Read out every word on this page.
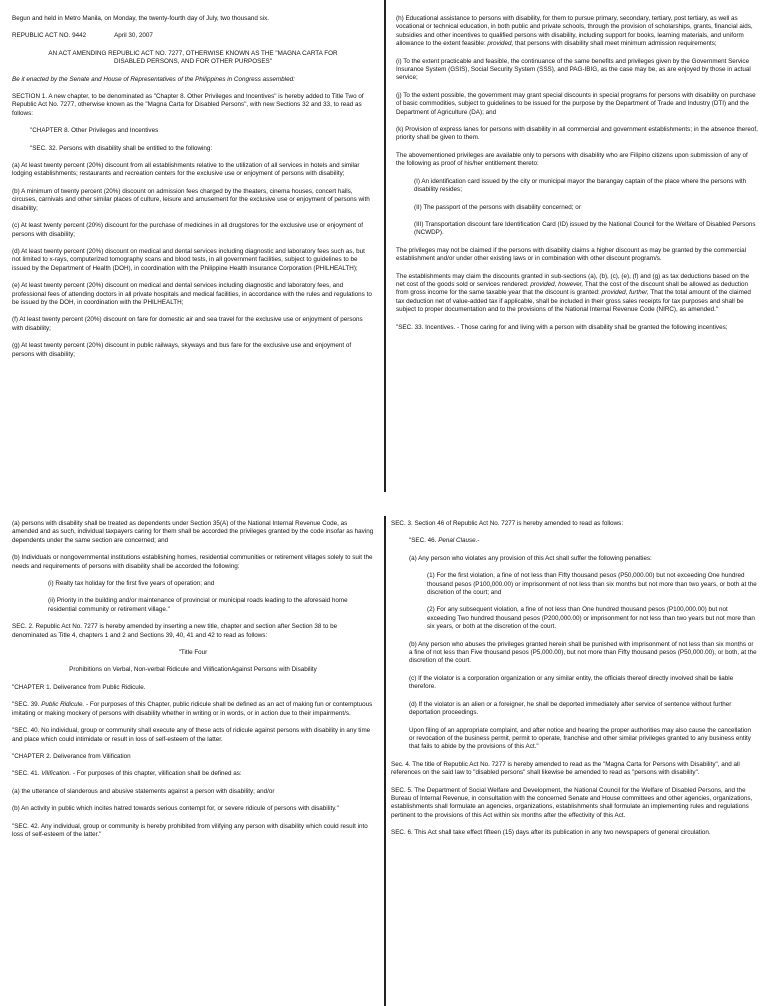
Begun and held in Metro Manila, on Monday, the twenty-fourth day of July, two thousand six.

REPUBLIC ACT NO. 9442	April 30, 2007

AN ACT AMENDING REPUBLIC ACT NO. 7277, OTHERWISE KNOWN AS THE "MAGNA CARTA FOR DISABLED PERSONS, AND FOR OTHER PURPOSES"

Be it enacted by the Senate and House of Representatives of the Philippines in Congress assembled:

SECTION 1. A new chapter, to be denominated as "Chapter 8. Other Privileges and Incentives" is hereby added to Title Two of Republic Act No. 7277, otherwise known as the "Magna Carta for Disabled Persons", with new Sections 32 and 33, to read as follows:

"CHAPTER 8. Other Privileges and Incentives

"SEC. 32. Persons with disability shall be entitled to the following:

(a) At least twenty percent (20%) discount from all establishments relative to the utilization of all services in hotels and similar lodging establishments; restaurants and recreation centers for the exclusive use or enjoyment of persons with disability;

(b) A minimum of twenty percent (20%) discount on admission fees charged by the theaters, cinema houses, concert halls, circuses, carnivals and other similar places of culture, leisure and amusement for the exclusive use or enjoyment of persons with disability;

(c) At least twenty percent (20%) discount for the purchase of medicines in all drugstores for the exclusive use or enjoyment of persons with disability;

(d) At least twenty percent (20%) discount on medical and dental services including diagnostic and laboratory fees such as, but not limited to x-rays, computerized tomography scans and blood tests, in all government facilities, subject to guidelines to be issued by the Department of Health (DOH), in coordination with the Philippine Health Insurance Corporation (PHILHEALTH);

(e) At least twenty percent (20%) discount on medical and dental services including diagnostic and laboratory fees, and professional fees of attending doctors in all private hospitals and medical facilities, in accordance with the rules and regulations to be issued by the DOH, in coordination with the PHILHEALTH;

(f) At least twenty percent (20%) discount on fare for domestic air and sea travel for the exclusive use or enjoyment of persons with disability;

(g) At least twenty percent (20%) discount in public railways, skyways and bus fare for the exclusive use and enjoyment of persons with disability;

(h) Educational assistance to persons with disability, for them to pursue primary, secondary, tertiary, post tertiary, as well as vocational or technical education, in both public and private schools, through the provision of scholarships, grants, financial aids, subsidies and other incentives to qualified persons with disability, including support for books, learning materials, and uniform allowance to the extent feasible: provided, that persons with disability shall meet minimum admission requirements;

(i) To the extent practicable and feasible, the continuance of the same benefits and privileges given by the Government Service Insurance System (GSIS), Social Security System (SSS), and PAG-IBIG, as the case may be, as are enjoyed by those in actual service;

(j) To the extent possible, the government may grant special discounts in special programs for persons with disability on purchase of basic commodities, subject to guidelines to be issued for the purpose by the Department of Trade and Industry (DTI) and the Department of Agriculture (DA); and

(k) Provision of express lanes for persons with disability in all commercial and government establishments; in the absence thereof, priority shall be given to them.

The abovementioned privileges are available only to persons with disability who are Filipino citizens upon submission of any of the following as proof of his/her entitlement thereto:

(I) An identification card issued by the city or municipal mayor the barangay captain of the place where the persons with disability resides;

(II) The passport of the persons with disability concerned; or

(III) Transportation discount fare Identification Card (ID) issued by the National Council for the Welfare of Disabled Persons (NCWDP).

The privileges may not be claimed if the persons with disability claims a higher discount as may be granted by the commercial establishment and/or under other existing laws or in combination with other discount program/s.

The establishments may claim the discounts granted in sub-sections (a), (b), (c), (e), (f) and (g) as tax deductions based on the net cost of the goods sold or services rendered: provided, however, That the cost of the discount shall be allowed as deduction from gross income for the same taxable year that the discount is granted: provided, further, That the total amount of the claimed tax deduction net of value-added tax if applicable, shall be included in their gross sales receipts for tax purposes and shall be subject to proper documentation and to the provisions of the National Internal Revenue Code (NIRC), as amended."

"SEC. 33. Incentives. - Those caring for and living with a person with disability shall be granted the following incentives;

(a) persons with disability shall be treated as dependents under Section 35(A) of the National Internal Revenue Code, as amended and as such, individual taxpayers caring for them shall be accorded the privileges granted by the code insofar as having dependents under the same section are concerned; and

(b) Individuals or nongovernmental institutions establishing homes, residential communities or retirement villages solely to suit the needs and requirements of persons with disability shall be accorded the following:

(i) Realty tax holiday for the first five years of operation; and

(ii) Priority in the building and/or maintenance of provincial or municipal roads leading to the aforesaid home residential community or retirement village."

SEC. 2. Republic Act No. 7277 is hereby amended by inserting a new title, chapter and section after Section 38 to be denominated as Title 4, chapters 1 and 2 and Sections 39, 40, 41 and 42 to read as follows:

"Title Four

Prohibitions on Verbal, Non-verbal Ridicule and VilificationAgainst Persons with Disability

"CHAPTER 1. Deliverance from Public Ridicule.

"SEC. 39. Public Ridicule. - For purposes of this Chapter, public ridicule shall be defined as an act of making fun or contemptuous imitating or making mockery of persons with disability whether in writing or in words, or in action due to their impairment/s.

"SEC. 40. No individual, group or community shall execute any of these acts of ridicule against persons with disability in any time and place which could intimidate or result in loss of self-esteem of the latter.

"CHAPTER 2. Deliverance from Vilification

"SEC. 41. Vilification. - For purposes of this chapter, vilification shall be defined as:

(a) the utterance of slanderous and abusive statements against a person with disability; and/or

(b) An activity in public which incites hatred towards serious contempt for, or severe ridicule of persons with disability."

"SEC. 42. Any individual, group or community is hereby prohibited from vilifying any person with disability which could result into loss of self-esteem of the latter."

SEC. 3. Section 46 of Republic Act No. 7277 is hereby amended to read as follows:

"SEC. 46. Penal Clause.-

(a) Any person who violates any provision of this Act shall suffer the following penalties:

(1) For the first violation, a fine of not less than Fifty thousand pesos (P50,000.00) but not exceeding One hundred thousand pesos (P100,000.00) or imprisonment of not less than six months but not more than two years, or both at the discretion of the court; and

(2) For any subsequent violation, a fine of not less than One hundred thousand pesos (P100,000.00) but not exceeding Two hundred thousand pesos (P200,000.00) or imprisonment for not less than two years but not more than six years, or both at the discretion of the court.

(b) Any person who abuses the privileges granted herein shall be punished with imprisonment of not less than six months or a fine of not less than Five thousand pesos (P5,000.00), but not more than Fifty thousand pesos (P50,000.00), or both, at the discretion of the court.

(c) If the violator is a corporation organization or any similar entity, the officials thereof directly involved shall be liable therefore.

(d) If the violator is an alien or a foreigner, he shall be deported immediately after service of sentence without further deportation proceedings.

Upon filing of an appropriate complaint, and after notice and hearing the proper authorities may also cause the cancellation or revocation of the business permit, permit to operate, franchise and other similar privileges granted to any business entity that fails to abide by the provisions of this Act."

Sec. 4. The title of Republic Act No. 7277 is hereby amended to read as the "Magna Carta for Persons with Disability", and all references on the said law to "disabled persons" shall likewise be amended to read as "persons with disability".

SEC. 5. The Department of Social Welfare and Development, the National Council for the Welfare of Disabled Persons, and the Bureau of Internal Revenue, in consultation with the concerned Senate and House committees and other agencies, organizations, establishments shall formulate an agencies, organizations, establishments shall formulate an implementing rules and regulations pertinent to the provisions of this Act within six months after the effectivity of this Act.

SEC. 6. This Act shall take effect fifteen (15) days after its publication in any two newspapers of general circulation.
